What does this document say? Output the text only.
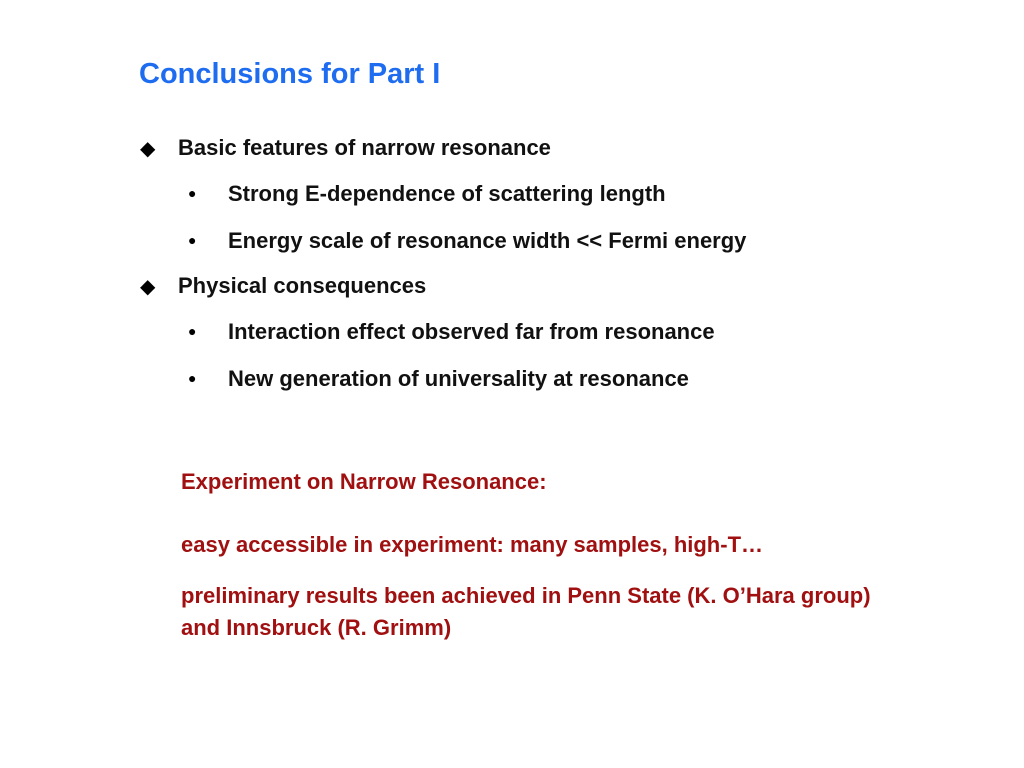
Conclusions for Part I
◆ Basic features of narrow resonance
● Strong E-dependence of scattering length
● Energy scale of resonance width << Fermi energy
◆ Physical consequences
● Interaction effect observed far from resonance
● New generation of universality at resonance
Experiment on Narrow Resonance:
easy accessible in experiment: many samples, high-T…
preliminary results been achieved in Penn State (K. O’Hara group) and Innsbruck (R. Grimm)
